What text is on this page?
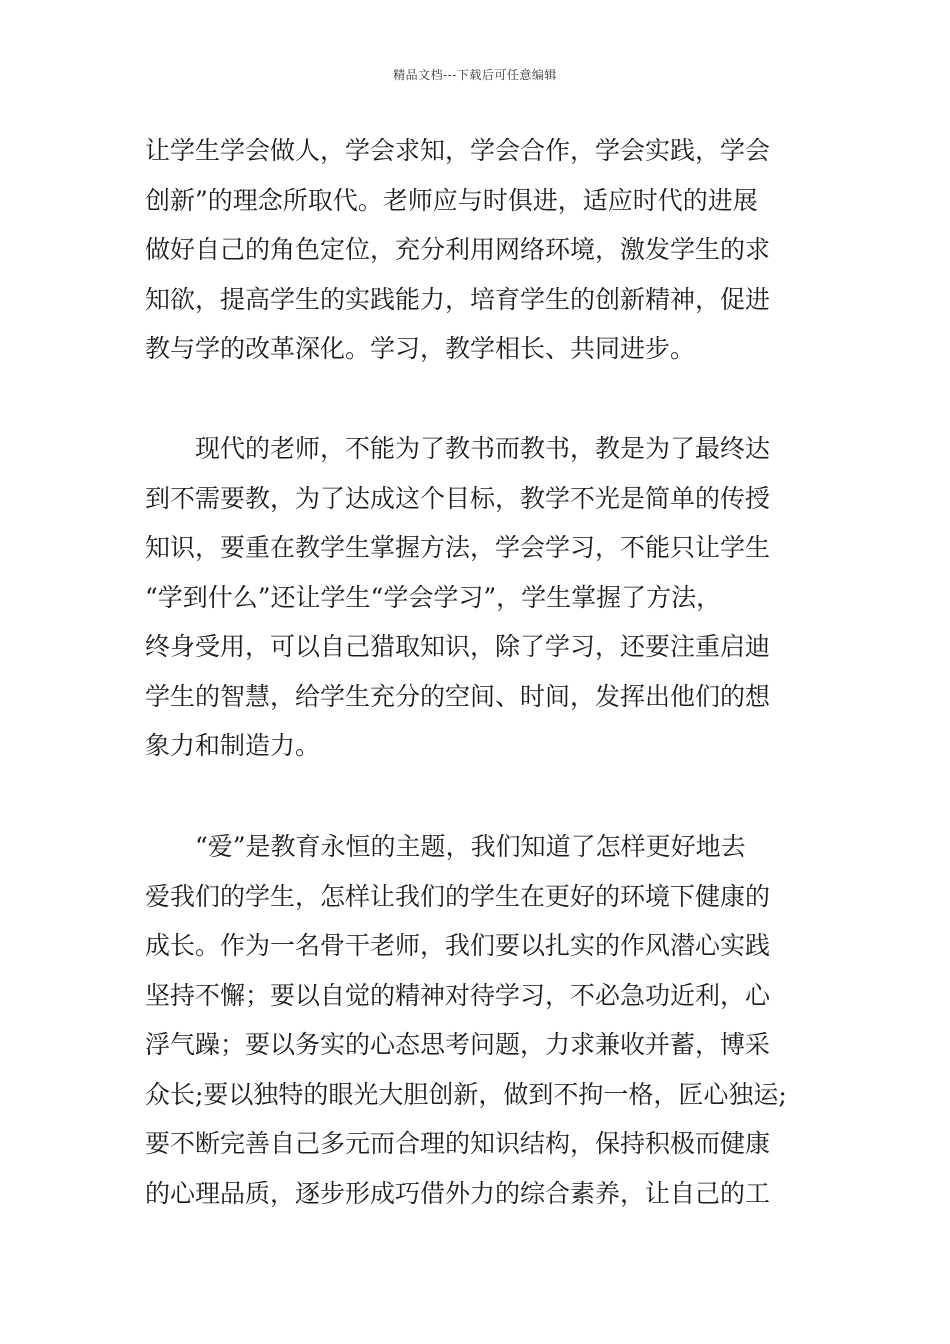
精品文档---下载后可任意编辑
让学生学会做人，学会求知，学会合作，学会实践，学会
创新”的理念所取代。老师应与时俱进，适应时代的进展
做好自己的角色定位，充分利用网络环境，激发学生的求
知欲，提高学生的实践能力，培育学生的创新精神，促进
教与学的改革深化。学习，教学相长、共同进步。
　　现代的老师，不能为了教书而教书，教是为了最终达
到不需要教，为了达成这个目标，教学不光是简单的传授
知识，要重在教学生掌握方法，学会学习，不能只让学生
“学到什么”还让学生“学会学习”，学生掌握了方法，
终身受用，可以自己猎取知识，除了学习，还要注重启迪
学生的智慧，给学生充分的空间、时间，发挥出他们的想
象力和制造力。
　　“爱”是教育永恒的主题，我们知道了怎样更好地去
爱我们的学生，怎样让我们的学生在更好的环境下健康的
成长。作为一名骨干老师，我们要以扎实的作风潜心实践
坚持不懈；要以自觉的精神对待学习，不必急功近利，心
浮气躁；要以务实的心态思考问题，力求兼收并蓄，博采
众长;要以独特的眼光大胆创新，做到不拘一格，匠心独运;
要不断完善自己多元而合理的知识结构，保持积极而健康
的心理品质，逐步形成巧借外力的综合素养，让自己的工
